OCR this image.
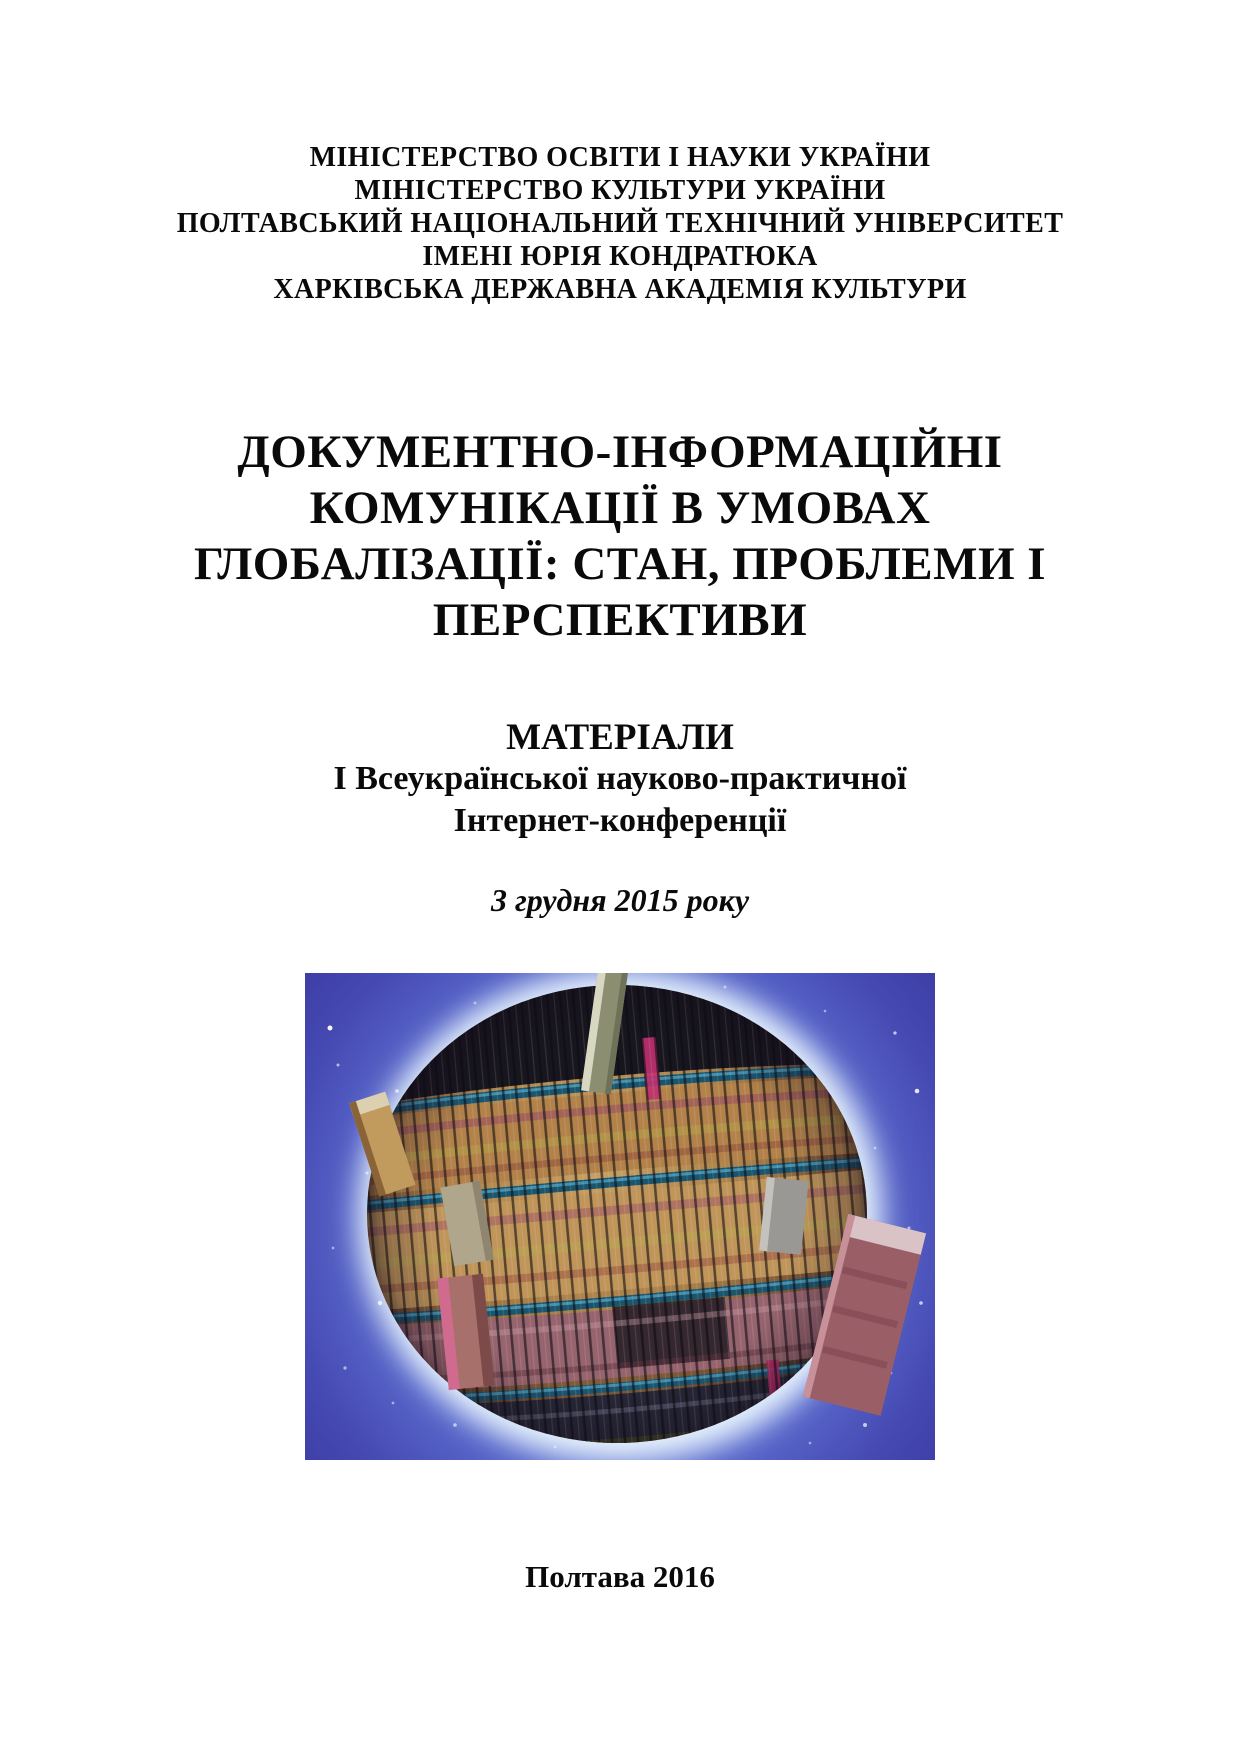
МІНІСТЕРСТВО ОСВІТИ І НАУКИ УКРАЇНИ
МІНІСТЕРСТВО КУЛЬТУРИ УКРАЇНИ
ПОЛТАВСЬКИЙ НАЦІОНАЛЬНИЙ ТЕХНІЧНИЙ УНІВЕРСИТЕТ
ІМЕНІ ЮРІЯ КОНДРАТЮКА
ХАРКІВСЬКА ДЕРЖАВНА АКАДЕМІЯ КУЛЬТУРИ
ДОКУМЕНТНО-ІНФОРМАЦІЙНІ
КОМУНІКАЦІЇ В УМОВАХ
ГЛОБАЛІЗАЦІЇ: СТАН, ПРОБЛЕМИ І
ПЕРСПЕКТИВИ
МАТЕРІАЛИ
І Всеукраїнської науково-практичної
Інтернет-конференції
3 грудня 2015 року
Полтава 2016
